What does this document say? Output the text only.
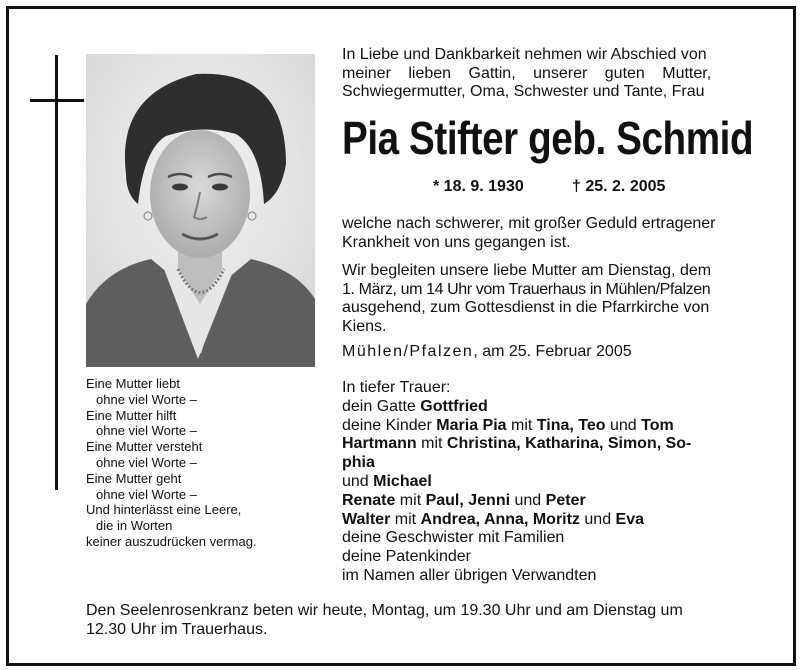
Eine Mutter liebt
ohne viel Worte –
Eine Mutter hilft
ohne viel Worte –
Eine Mutter versteht
ohne viel Worte –
Eine Mutter geht
ohne viel Worte –
Und hinterlässt eine Leere,
die in Worten
keiner auszudrücken vermag.
In Liebe und Dankbarkeit nehmen wir Abschied von
meiner lieben Gattin, unserer guten Mutter,
Schwiegermutter, Oma, Schwester und Tante, Frau
Pia Stifter geb. Schmid
* 18. 9. 1930	† 25. 2. 2005
welche nach schwerer, mit großer Geduld ertragener
Krankheit von uns gegangen ist.
Wir begleiten unsere liebe Mutter am Dienstag, dem
1. März, um 14 Uhr vom Trauerhaus in Mühlen/Pfalzen
ausgehend, zum Gottesdienst in die Pfarrkirche von
Kiens.
Mühlen/Pfalzen, am 25. Februar 2005
In tiefer Trauer:
dein Gatte Gottfried
deine Kinder Maria Pia mit Tina, Teo und Tom
Hartmann mit Christina, Katharina, Simon, So-
phia
und Michael
Renate mit Paul, Jenni und Peter
Walter mit Andrea, Anna, Moritz und Eva
deine Geschwister mit Familien
deine Patenkinder
im Namen aller übrigen Verwandten
Den Seelenrosenkranz beten wir heute, Montag, um 19.30 Uhr und am Dienstag um
12.30 Uhr im Trauerhaus.
